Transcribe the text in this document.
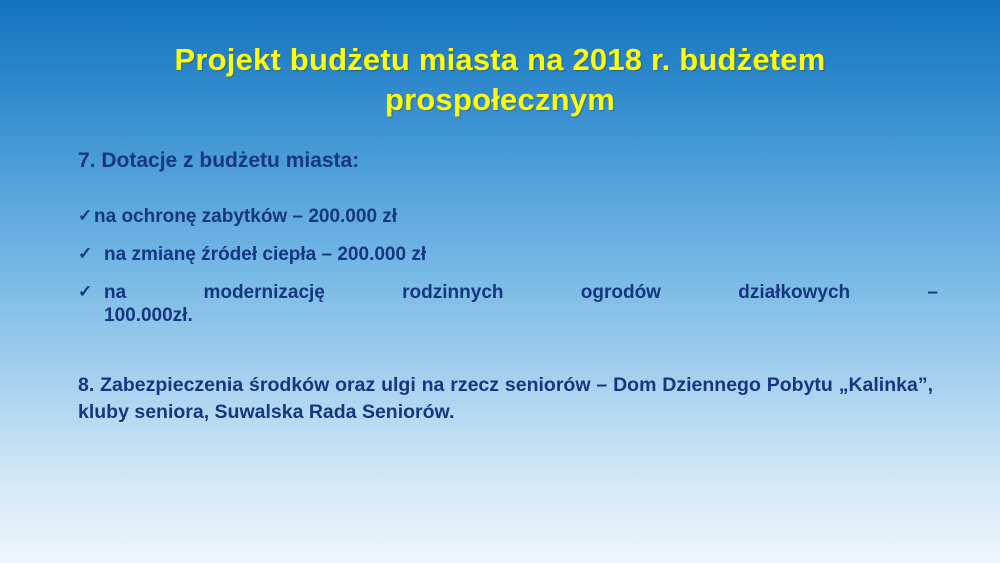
Projekt budżetu miasta na 2018 r. budżetem
prospołecznym
7. Dotacje z budżetu miasta:
✓ na ochronę zabytków – 200.000 zł
✓ na zmianę źródeł ciepła – 200.000 zł
✓ na modernizację rodzinnych ogrodów działkowych –
100.000zł.
8. Zabezpieczenia środków oraz ulgi na rzecz seniorów – Dom Dziennego Pobytu „Kalinka”, kluby seniora, Suwalska Rada Seniorów.
